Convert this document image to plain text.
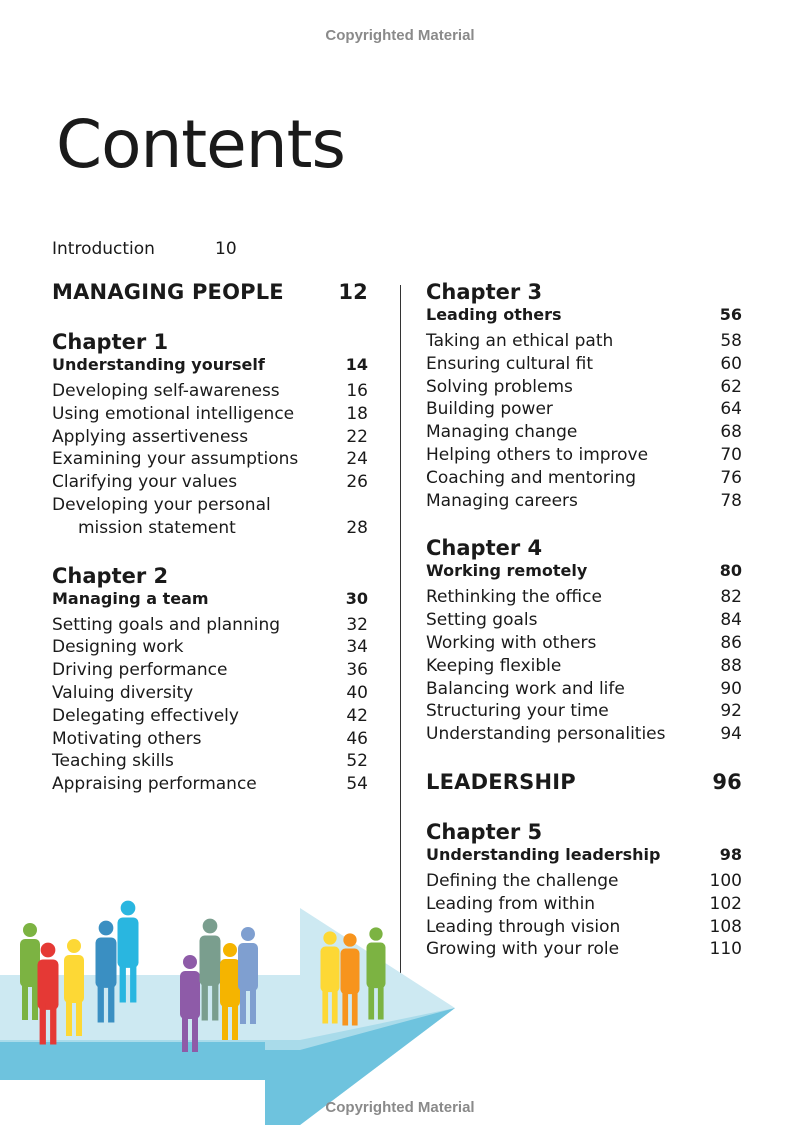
Copyrighted Material
Contents
Introduction	10
MANAGING PEOPLE	12
Chapter 1
Understanding yourself	14
Developing self-awareness	16
Using emotional intelligence	18
Applying assertiveness	22
Examining your assumptions	24
Clarifying your values	26
Developing your personal
mission statement	28
Chapter 2
Managing a team	30
Setting goals and planning	32
Designing work	34
Driving performance	36
Valuing diversity	40
Delegating effectively	42
Motivating others	46
Teaching skills	52
Appraising performance	54
Chapter 3
Leading others	56
Taking an ethical path	58
Ensuring cultural fit	60
Solving problems	62
Building power	64
Managing change	68
Helping others to improve	70
Coaching and mentoring	76
Managing careers	78
Chapter 4
Working remotely	80
Rethinking the office	82
Setting goals	84
Working with others	86
Keeping flexible	88
Balancing work and life	90
Structuring your time	92
Understanding personalities	94
LEADERSHIP	96
Chapter 5
Understanding leadership	98
Defining the challenge	100
Leading from within	102
Leading through vision	108
Growing with your role	110
Copyrighted Material
